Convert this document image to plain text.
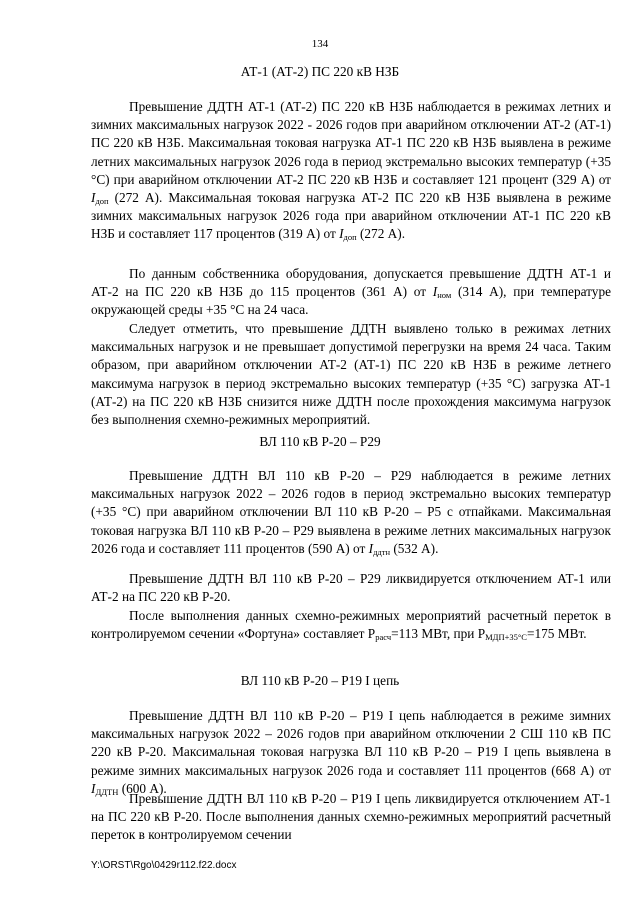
134
АТ-1 (АТ-2) ПС 220 кВ НЗБ

Превышение ДДТН АТ-1 (АТ-2) ПС 220 кВ НЗБ наблюдается в режимах летних и зимних максимальных нагрузок 2022 - 2026 годов при аварийном отключении АТ-2 (АТ-1) ПС 220 кВ НЗБ. Максимальная токовая нагрузка АТ-1 ПС 220 кВ НЗБ выявлена в режиме летних максимальных нагрузок 2026 года в период экстремально высоких температур (+35 °С) при аварийном отключении АТ-2 ПС 220 кВ НЗБ и составляет 121 процент (329 А) от $I_{доп}$ (272 А). Максимальная токовая нагрузка АТ-2 ПС 220 кВ НЗБ выявлена в режиме зимних максимальных нагрузок 2026 года при аварийном отключении АТ-1 ПС 220 кВ НЗБ и составляет 117 процентов (319 А) от $I_{доп}$ (272 А).

По данным собственника оборудования, допускается превышение ДДТН АТ-1 и АТ-2 на ПС 220 кВ НЗБ до 115 процентов (361 А) от $I_{ном}$ (314 А), при температуре окружающей среды +35 °С на 24 часа.

Следует отметить, что превышение ДДТН выявлено только в режимах летних максимальных нагрузок и не превышает допустимой перегрузки на время 24 часа. Таким образом, при аварийном отключении АТ-2 (АТ-1) ПС 220 кВ НЗБ в режиме летнего максимума нагрузок в период экстремально высоких температур (+35 °С) загрузка АТ-1 (АТ-2) на ПС 220 кВ НЗБ снизится ниже ДДТН после прохождения максимума нагрузок без выполнения схемно-режимных мероприятий.

ВЛ 110 кВ Р-20 – Р29

Превышение ДДТН ВЛ 110 кВ Р-20 – Р29 наблюдается в режиме летних максимальных нагрузок 2022 – 2026 годов в период экстремально высоких температур (+35 °С) при аварийном отключении ВЛ 110 кВ Р-20 – Р5 с отпайками. Максимальная токовая нагрузка ВЛ 110 кВ Р-20 – Р29 выявлена в режиме летних максимальных нагрузок 2026 года и составляет 111 процентов (590 А) от $I_{ддтн}$ (532 А).

Превышение ДДТН ВЛ 110 кВ Р-20 – Р29 ликвидируется отключением АТ-1 или АТ-2 на ПС 220 кВ Р-20.

После выполнения данных схемно-режимных мероприятий расчетный переток в контролируемом сечении «Фортуна» составляет $Р_{расч}=113$ МВт, при $Р_{МДП+35^\circ С}=175$ МВт.

ВЛ 110 кВ Р-20 – Р19 I цепь

Превышение ДДТН ВЛ 110 кВ Р-20 – Р19 I цепь наблюдается в режиме зимних максимальных нагрузок 2022 – 2026 годов при аварийном отключении 2 СШ 110 кВ ПС 220 кВ Р-20. Максимальная токовая нагрузка ВЛ 110 кВ Р-20 – Р19 I цепь выявлена в режиме зимних максимальных нагрузок 2026 года и составляет 111 процентов (668 А) от $I_{ДДТН}$ (600 А).

Превышение ДДТН ВЛ 110 кВ Р-20 – Р19 I цепь ликвидируется отключением АТ-1 на ПС 220 кВ Р-20. После выполнения данных схемно-режимных мероприятий расчетный переток в контролируемом сечении

Y:\ORST\Rgo\0429r112.f22.docx
